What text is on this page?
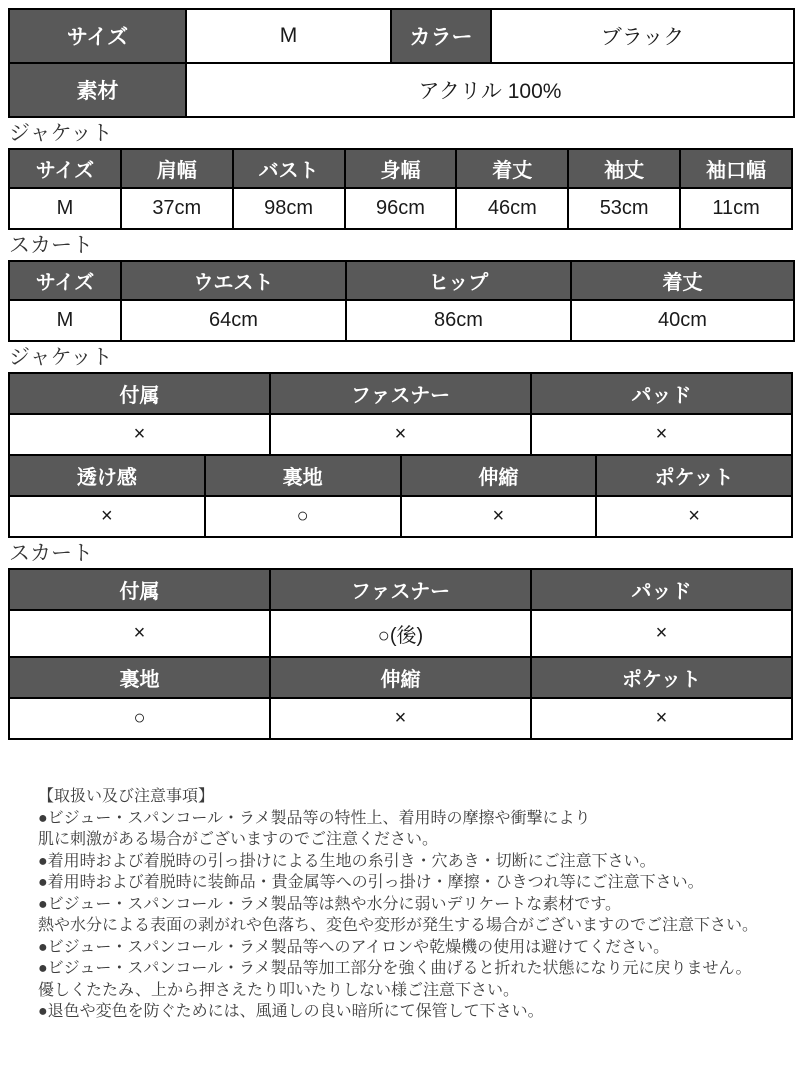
サイズ	M	カラー	ブラック
素材	アクリル 100%		
ジャケット
サイズ	肩幅	バスト	身幅	着丈	袖丈	袖口幅
M	37cm	98cm	96cm	46cm	53cm	11cm
スカート
サイズ	ウエスト	ヒップ	着丈
M	64cm	86cm	40cm
ジャケット
付属		ファスナー		パッド	
×		×		×	
透け感	裏地		伸縮		ポケット
×	○		×		×
スカート
付属	ファスナー	パッド
×	○(後)	×
裏地	伸縮	ポケット
○	×	×
【取扱い及び注意事項】
●ビジュー・スパンコール・ラメ製品等の特性上、着用時の摩擦や衝撃により
肌に刺激がある場合がございますのでご注意ください。
●着用時および着脱時の引っ掛けによる生地の糸引き・穴あき・切断にご注意下さい。
●着用時および着脱時に装飾品・貴金属等への引っ掛け・摩擦・ひきつれ等にご注意下さい。
●ビジュー・スパンコール・ラメ製品等は熱や水分に弱いデリケートな素材です。
熱や水分による表面の剥がれや色落ち、変色や変形が発生する場合がございますのでご注意下さい。
●ビジュー・スパンコール・ラメ製品等へのアイロンや乾燥機の使用は避けてください。
●ビジュー・スパンコール・ラメ製品等加工部分を強く曲げると折れた状態になり元に戻りません。
優しくたたみ、上から押さえたり叩いたりしない様ご注意下さい。
●退色や変色を防ぐためには、風通しの良い暗所にて保管して下さい。
